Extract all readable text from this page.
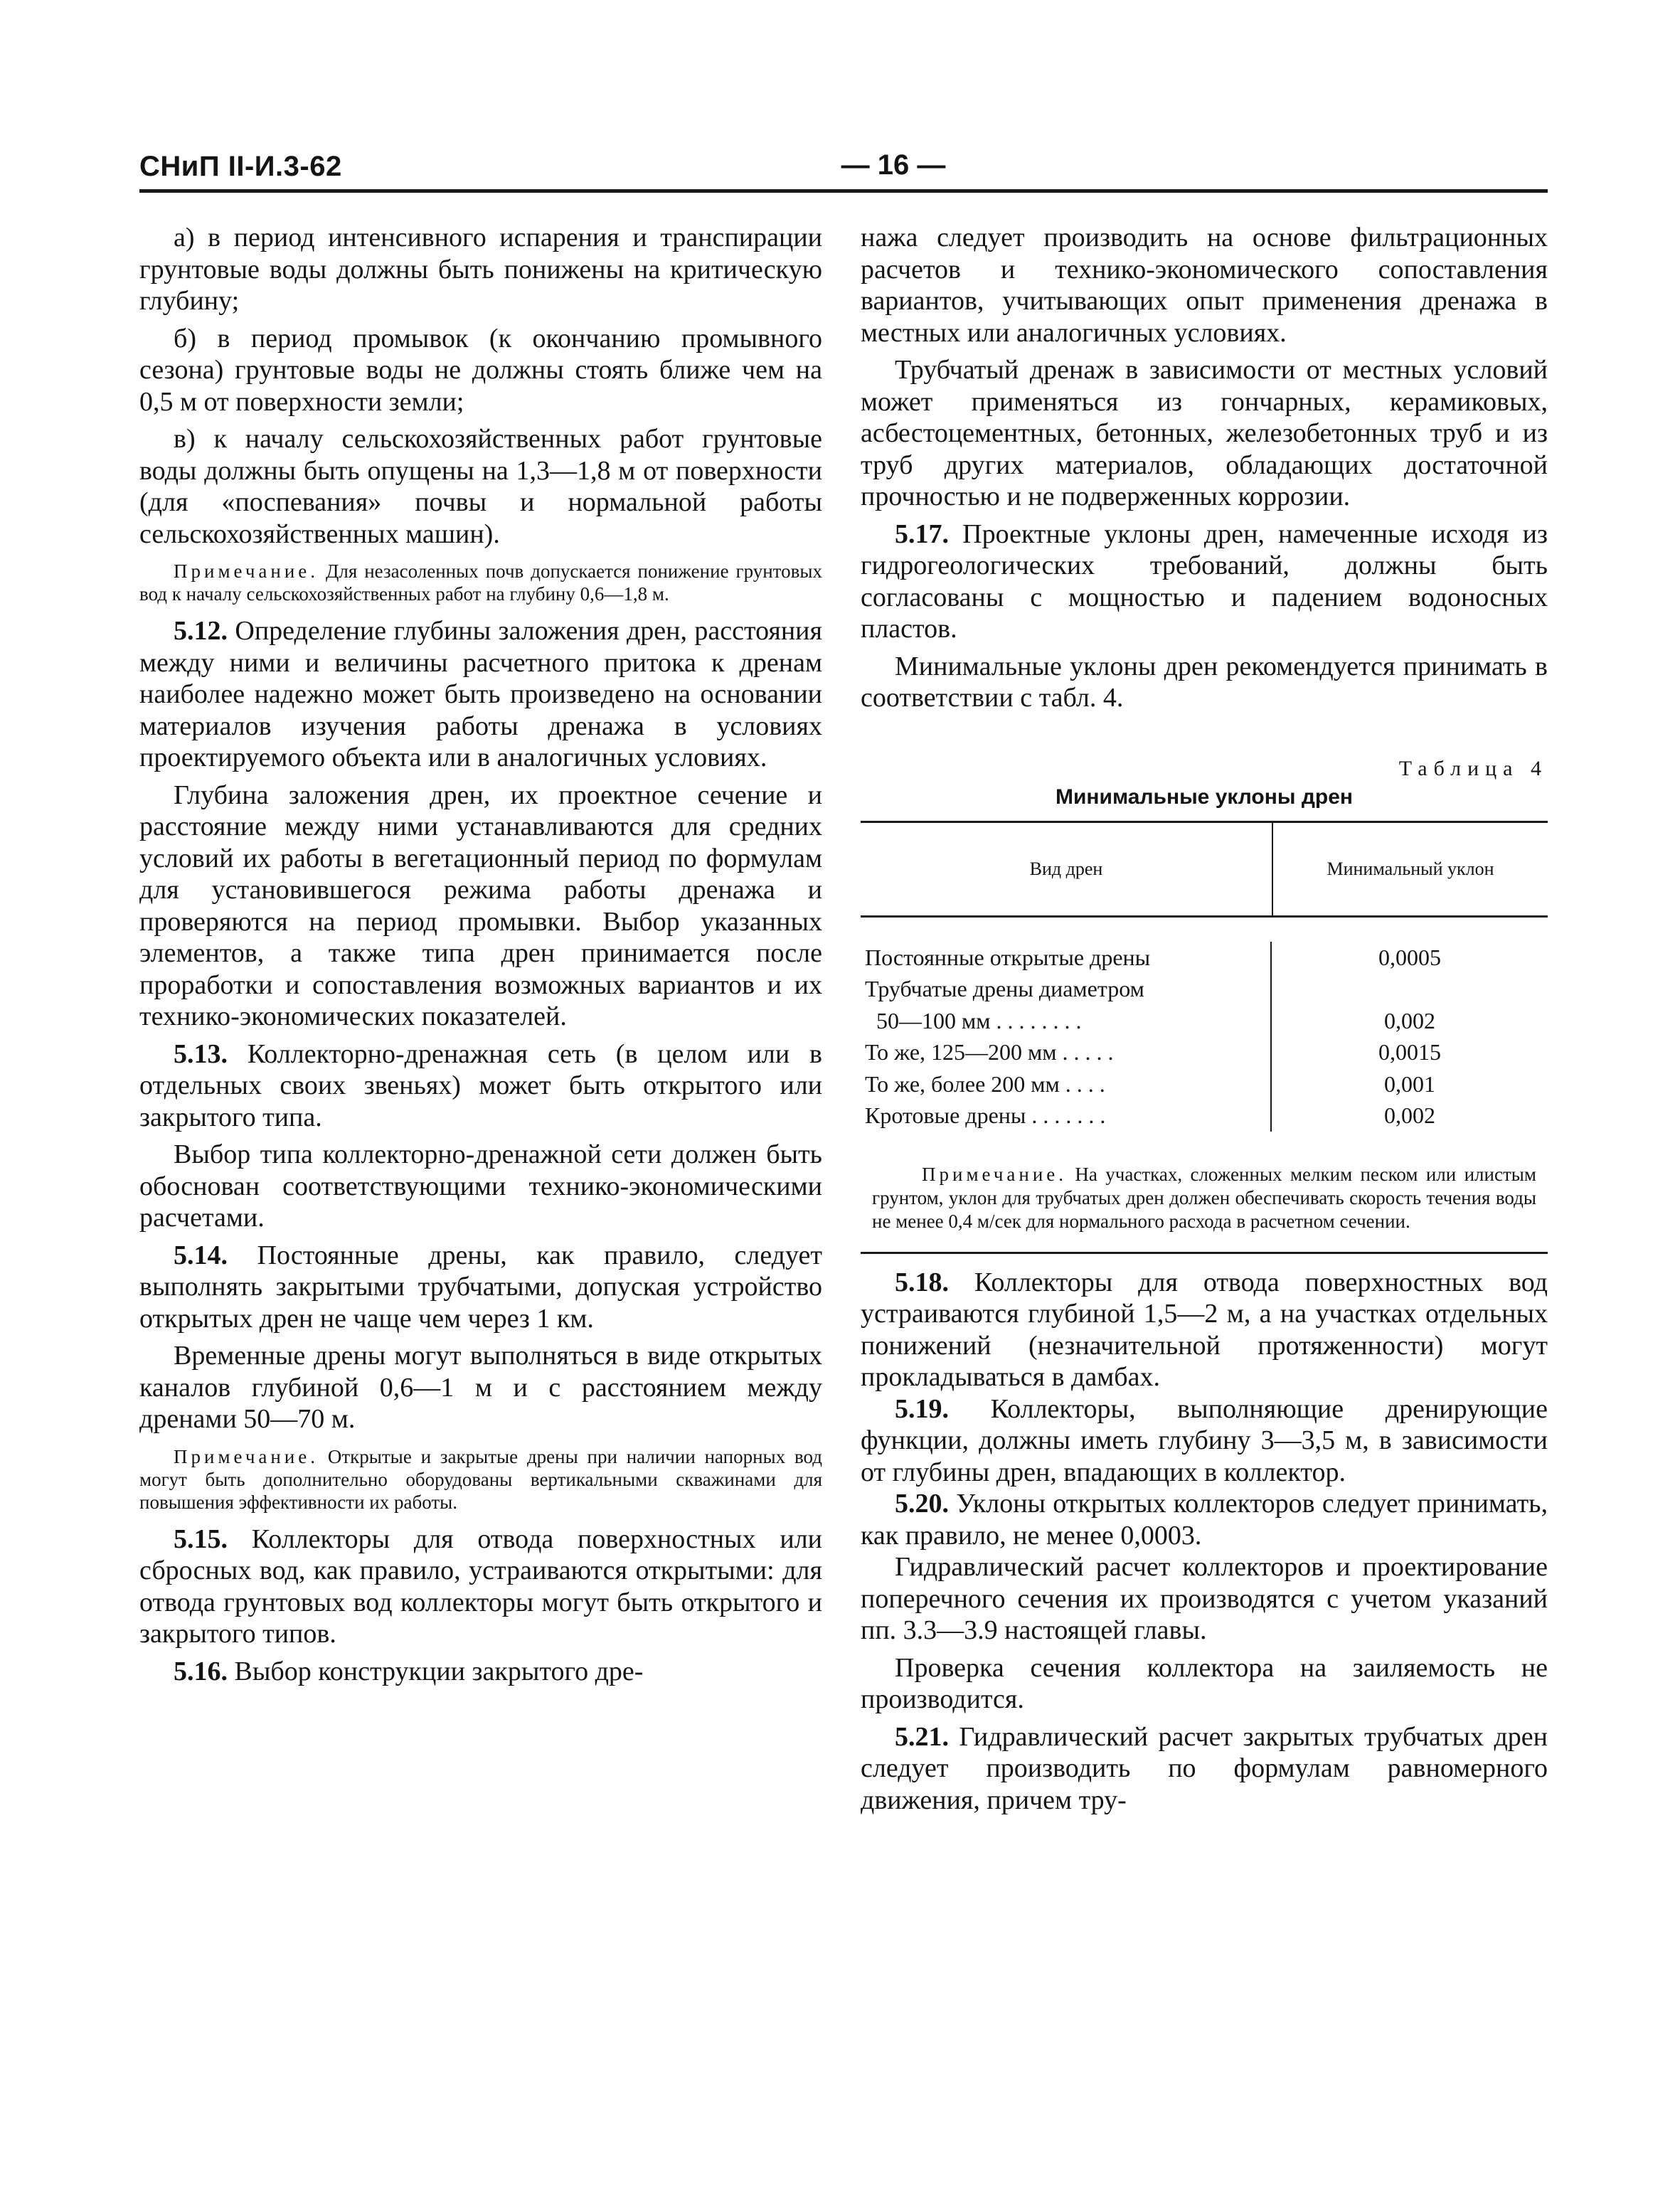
СНиП II-И.3-62	— 16 —

а) в период интенсивного испарения и транспирации грунтовые воды должны быть понижены на критическую глубину;

б) в период промывок (к окончанию промывного сезона) грунтовые воды не должны стоять ближе чем на 0,5 м от поверхности земли;

в) к началу сельскохозяйственных работ грунтовые воды должны быть опущены на 1,3—1,8 м от поверхности (для «поспевания» почвы и нормальной работы сельскохозяйственных машин).

Примечание. Для незасоленных почв допускается понижение грунтовых вод к началу сельскохозяйственных работ на глубину 0,6—1,8 м.

5.12. Определение глубины заложения дрен, расстояния между ними и величины расчетного притока к дренам наиболее надежно может быть произведено на основании материалов изучения работы дренажа в условиях проектируемого объекта или в аналогичных условиях.

Глубина заложения дрен, их проектное сечение и расстояние между ними устанавливаются для средних условий их работы в вегетационный период по формулам для установившегося режима работы дренажа и проверяются на период промывки. Выбор указанных элементов, а также типа дрен принимается после проработки и сопоставления возможных вариантов и их технико-экономических показателей.

5.13. Коллекторно-дренажная сеть (в целом или в отдельных своих звеньях) может быть открытого или закрытого типа.

Выбор типа коллекторно-дренажной сети должен быть обоснован соответствующими технико-экономическими расчетами.

5.14. Постоянные дрены, как правило, следует выполнять закрытыми трубчатыми, допуская устройство открытых дрен не чаще чем через 1 км.

Временные дрены могут выполняться в виде открытых каналов глубиной 0,6—1 м и с расстоянием между дренами 50—70 м.

Примечание. Открытые и закрытые дрены при наличии напорных вод могут быть дополнительно оборудованы вертикальными скважинами для повышения эффективности их работы.

5.15. Коллекторы для отвода поверхностных или сбросных вод, как правило, устраиваются открытыми: для отвода грунтовых вод коллекторы могут быть открытого и закрытого типов.

5.16. Выбор конструкции закрытого дре-

нажа следует производить на основе фильтрационных расчетов и технико-экономического сопоставления вариантов, учитывающих опыт применения дренажа в местных или аналогичных условиях.

Трубчатый дренаж в зависимости от местных условий может применяться из гончарных, керамиковых, асбестоцементных, бетонных, железобетонных труб и из труб других материалов, обладающих достаточной прочностью и не подверженных коррозии.

5.17. Проектные уклоны дрен, намеченные исходя из гидрогеологических требований, должны быть согласованы с мощностью и падением водоносных пластов.

Минимальные уклоны дрен рекомендуется принимать в соответствии с табл. 4.

Таблица 4
Минимальные уклоны дрен
Вид дрен	Минимальный уклон
Постоянные открытые дрены	0,0005
Трубчатые дрены диаметром
50—100 мм . . . . . . . .	0,002
То же, 125—200 мм . . . . .	0,0015
То же, более 200 мм . . . .	0,001
Кротовые дрены . . . . . . .	0,002
Примечание. На участках, сложенных мелким песком или илистым грунтом, уклон для трубчатых дрен должен обеспечивать скорость течения воды не менее 0,4 м/сек для нормального расхода в расчетном сечении.

5.18. Коллекторы для отвода поверхностных вод устраиваются глубиной 1,5—2 м, а на участках отдельных понижений (незначительной протяженности) могут прокладываться в дамбах.

5.19. Коллекторы, выполняющие дренирующие функции, должны иметь глубину 3—3,5 м, в зависимости от глубины дрен, впадающих в коллектор.

5.20. Уклоны открытых коллекторов следует принимать, как правило, не менее 0,0003.

Гидравлический расчет коллекторов и проектирование поперечного сечения их производятся с учетом указаний пп. 3.3—3.9 настоящей главы.

Проверка сечения коллектора на заиляемость не производится.

5.21. Гидравлический расчет закрытых трубчатых дрен следует производить по формулам равномерного движения, причем тру-
